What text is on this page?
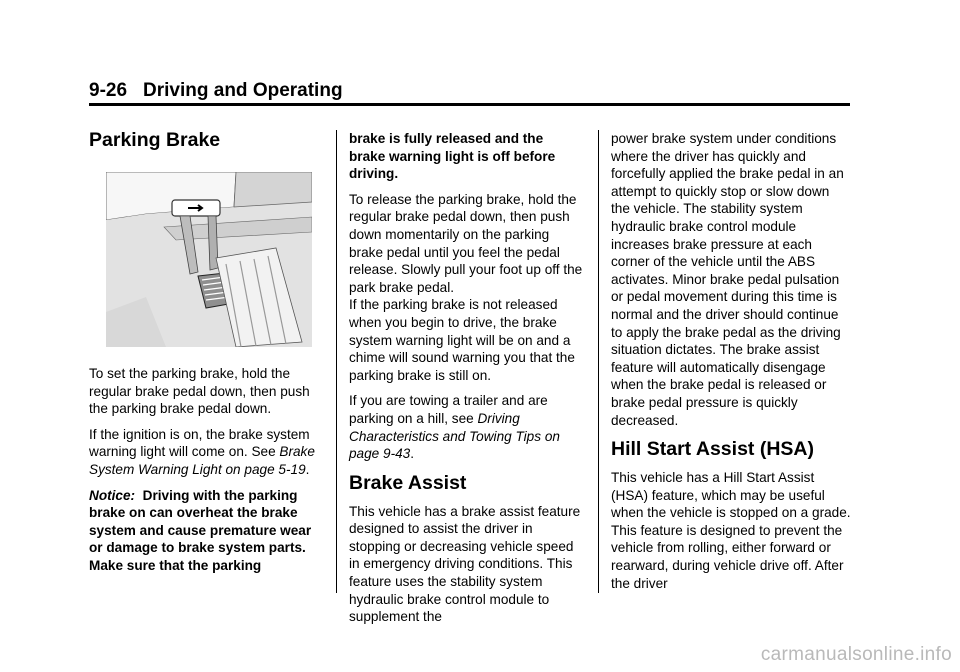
9-26 Driving and Operating
Parking Brake

To set the parking brake, hold the regular brake pedal down, then push the parking brake pedal down.

If the ignition is on, the brake system warning light will come on. See Brake System Warning Light on page 5-19.

Notice: Driving with the parking brake on can overheat the brake system and cause premature wear or damage to brake system parts. Make sure that the parking

brake is fully released and the brake warning light is off before driving.

To release the parking brake, hold the regular brake pedal down, then push down momentarily on the parking brake pedal until you feel the pedal release. Slowly pull your foot up off the park brake pedal.

If the parking brake is not released when you begin to drive, the brake system warning light will be on and a chime will sound warning you that the parking brake is still on.

If you are towing a trailer and are parking on a hill, see Driving Characteristics and Towing Tips on page 9-43.

Brake Assist

This vehicle has a brake assist feature designed to assist the driver in stopping or decreasing vehicle speed in emergency driving conditions. This feature uses the stability system hydraulic brake control module to supplement the

power brake system under conditions where the driver has quickly and forcefully applied the brake pedal in an attempt to quickly stop or slow down the vehicle. The stability system hydraulic brake control module increases brake pressure at each corner of the vehicle until the ABS activates. Minor brake pedal pulsation or pedal movement during this time is normal and the driver should continue to apply the brake pedal as the driving situation dictates. The brake assist feature will automatically disengage when the brake pedal is released or brake pedal pressure is quickly decreased.

Hill Start Assist (HSA)

This vehicle has a Hill Start Assist (HSA) feature, which may be useful when the vehicle is stopped on a grade. This feature is designed to prevent the vehicle from rolling, either forward or rearward, during vehicle drive off. After the driver

carmanualsonline.info
